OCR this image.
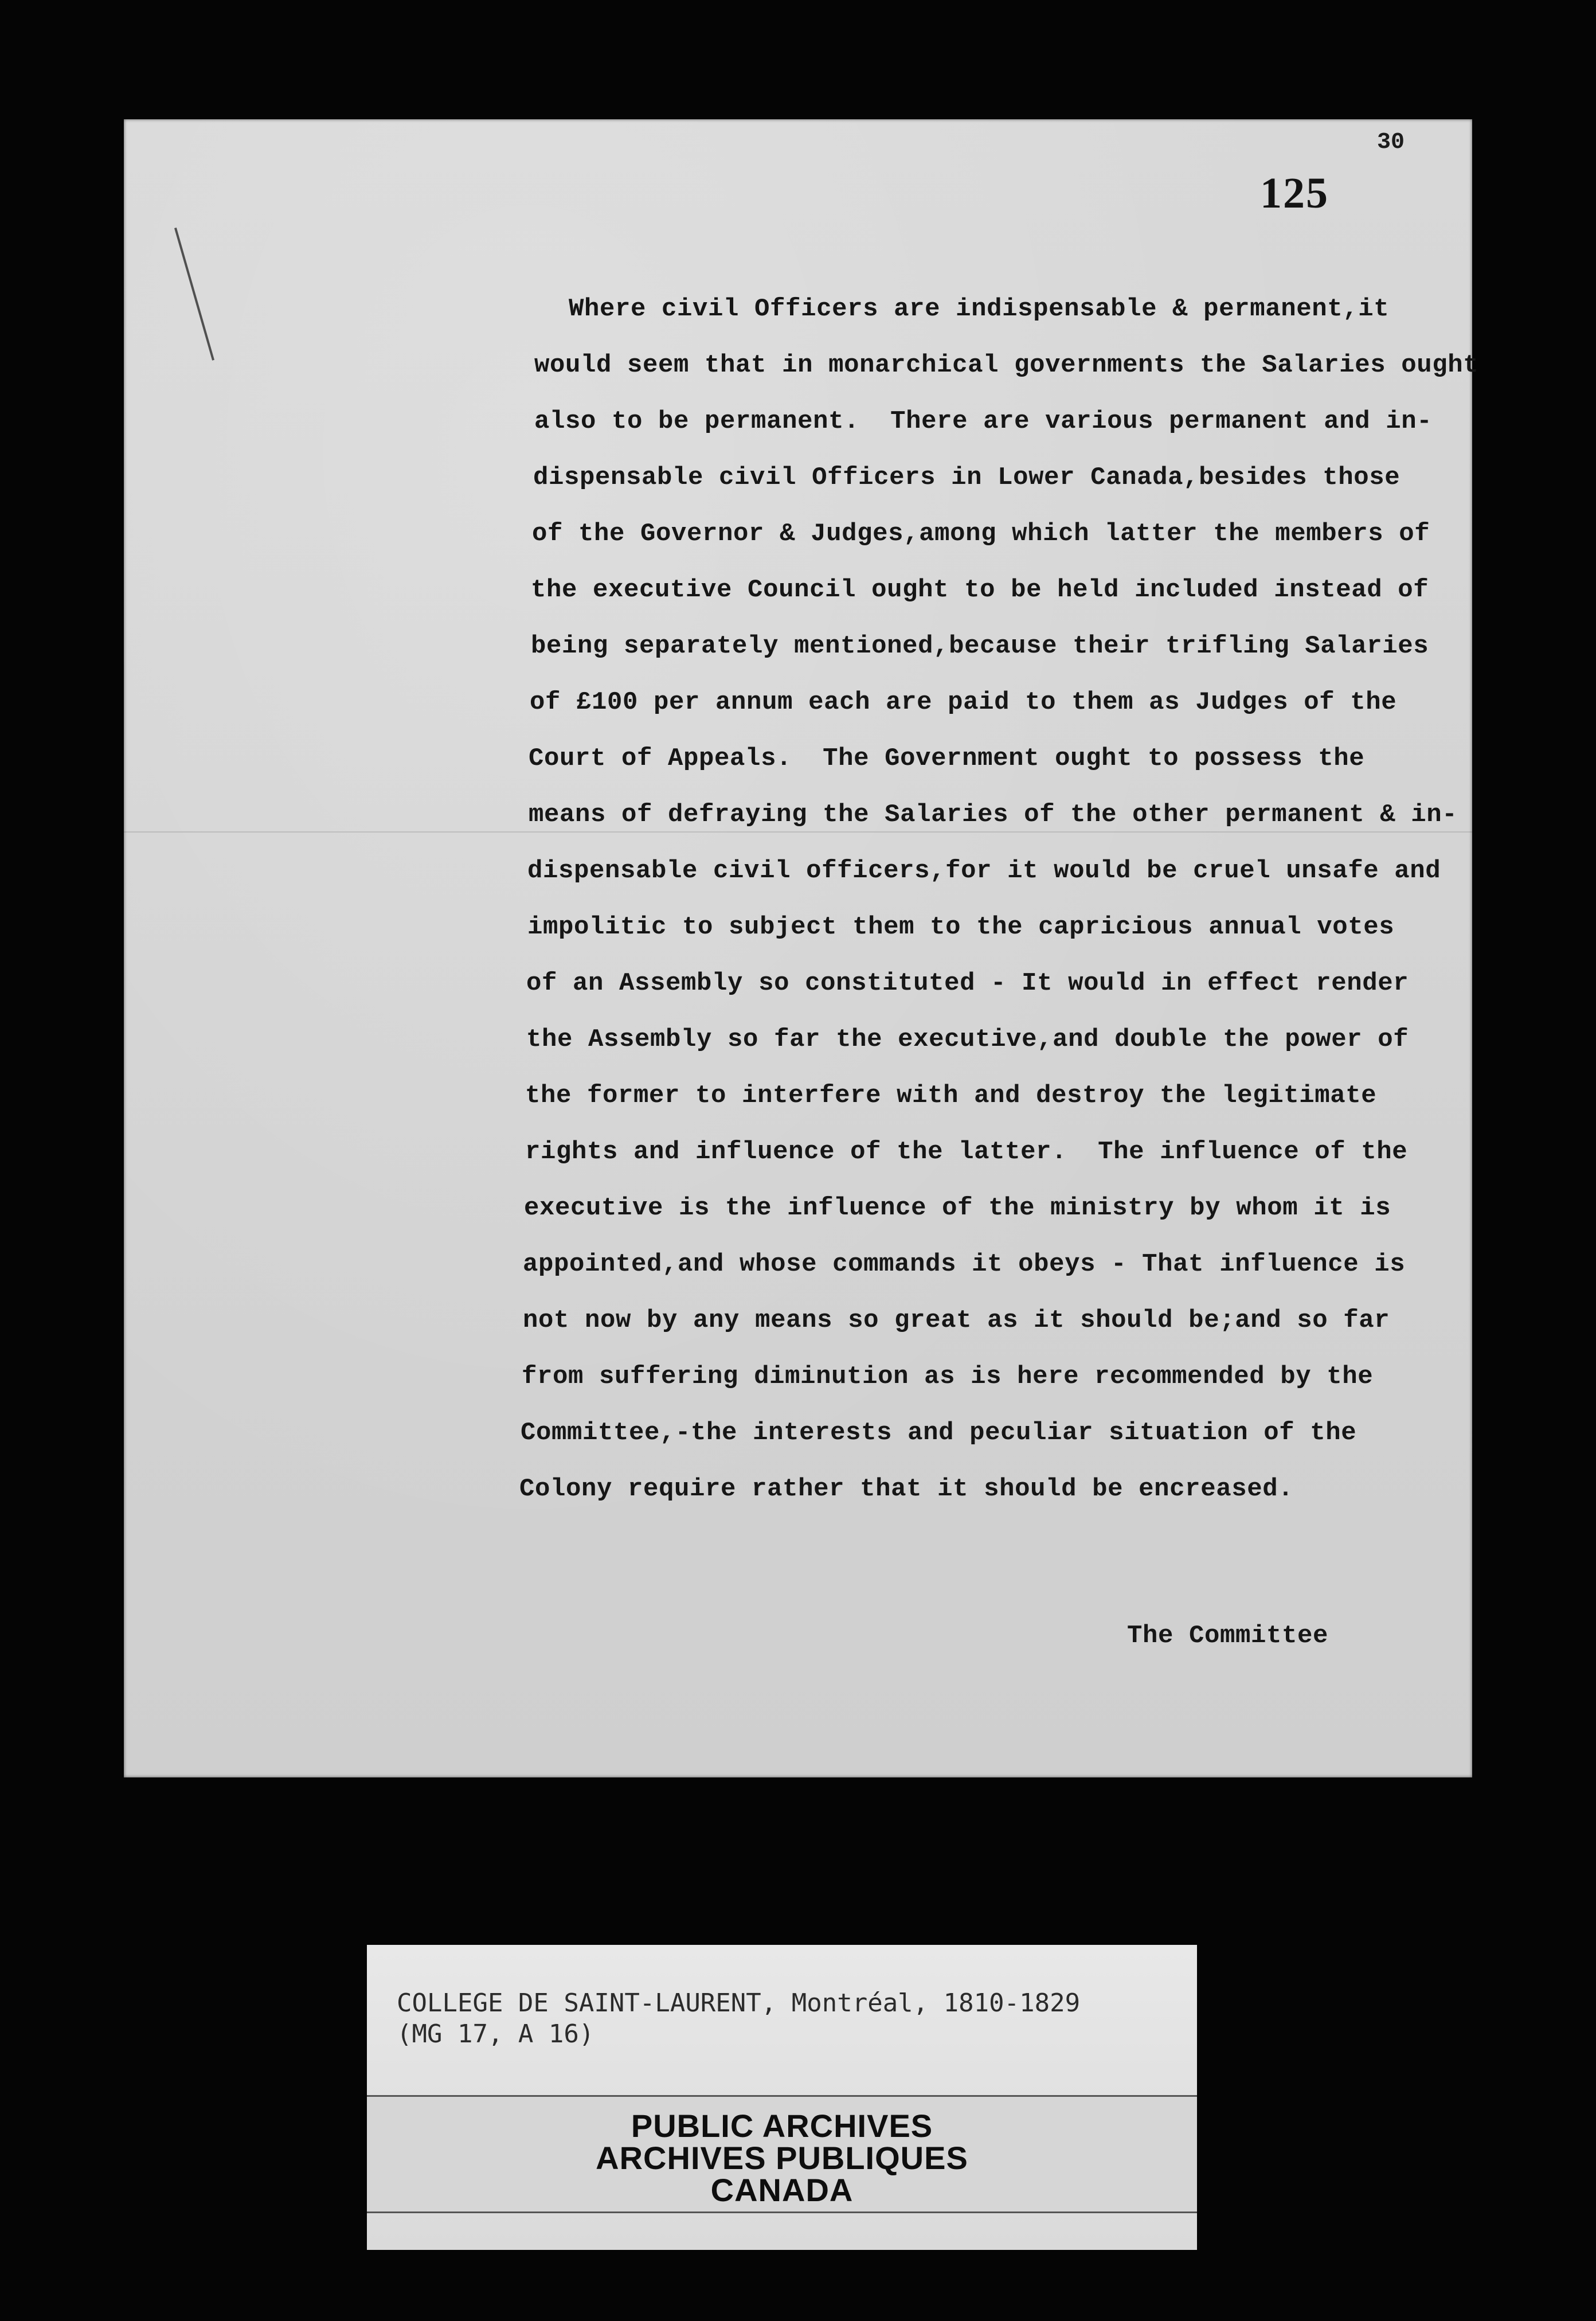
30
125
Where civil Officers are indispensable & permanent,it
would seem that in monarchical governments the Salaries ought
also to be permanent.  There are various permanent and in-
dispensable civil Officers in Lower Canada,besides those
of the Governor & Judges,among which latter the members of
the executive Council ought to be held included instead of
being separately mentioned,because their trifling Salaries
of £100 per annum each are paid to them as Judges of the
Court of Appeals.  The Government ought to possess the
means of defraying the Salaries of the other permanent & in-
dispensable civil officers,for it would be cruel unsafe and
impolitic to subject them to the capricious annual votes
of an Assembly so constituted - It would in effect render
the Assembly so far the executive,and double the power of
the former to interfere with and destroy the legitimate
rights and influence of the latter.  The influence of the
executive is the influence of the ministry by whom it is
appointed,and whose commands it obeys - That influence is
not now by any means so great as it should be;and so far
from suffering diminution as is here recommended by the
Committee,-the interests and peculiar situation of the
Colony require rather that it should be encreased.
The Committee
COLLEGE DE SAINT-LAURENT, Montréal, 1810-1829
(MG 17, A 16)
PUBLIC ARCHIVES
ARCHIVES PUBLIQUES
CANADA
